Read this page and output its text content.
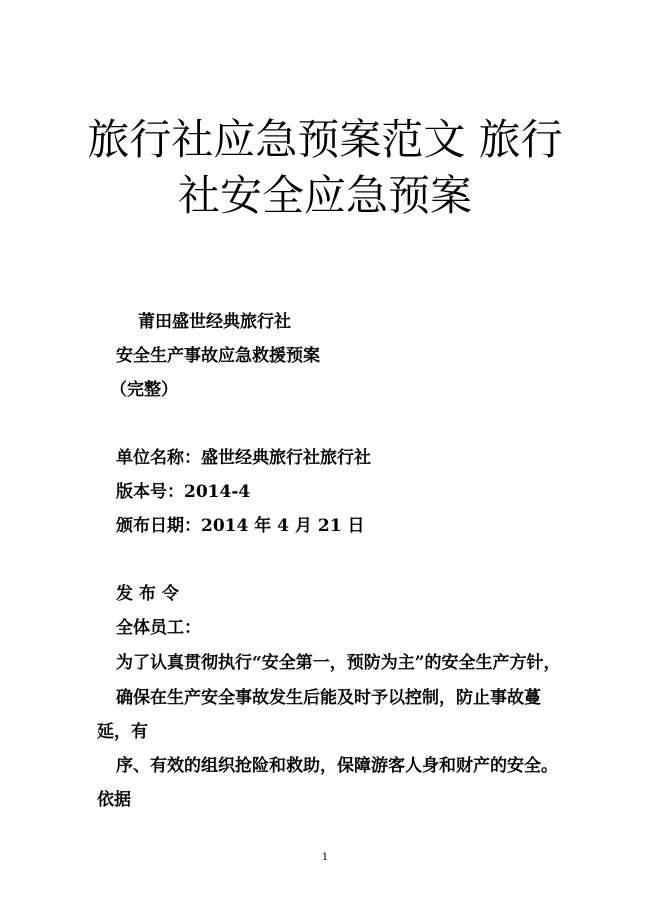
旅行社应急预案范文 旅行
社安全应急预案
莆田盛世经典旅行社
安全生产事故应急救援预案
（完整）
单位名称：盛世经典旅行社旅行社
版本号：2014-4
颁布日期：2014 年 4 月 21 日
发 布 令
全体员工：
为了认真贯彻执行“安全第一，预防为主”的安全生产方针，
确保在生产安全事故发生后能及时予以控制，防止事故蔓
延，有
序、有效的组织抢险和救助，保障游客人身和财产的安全。
依据
1
